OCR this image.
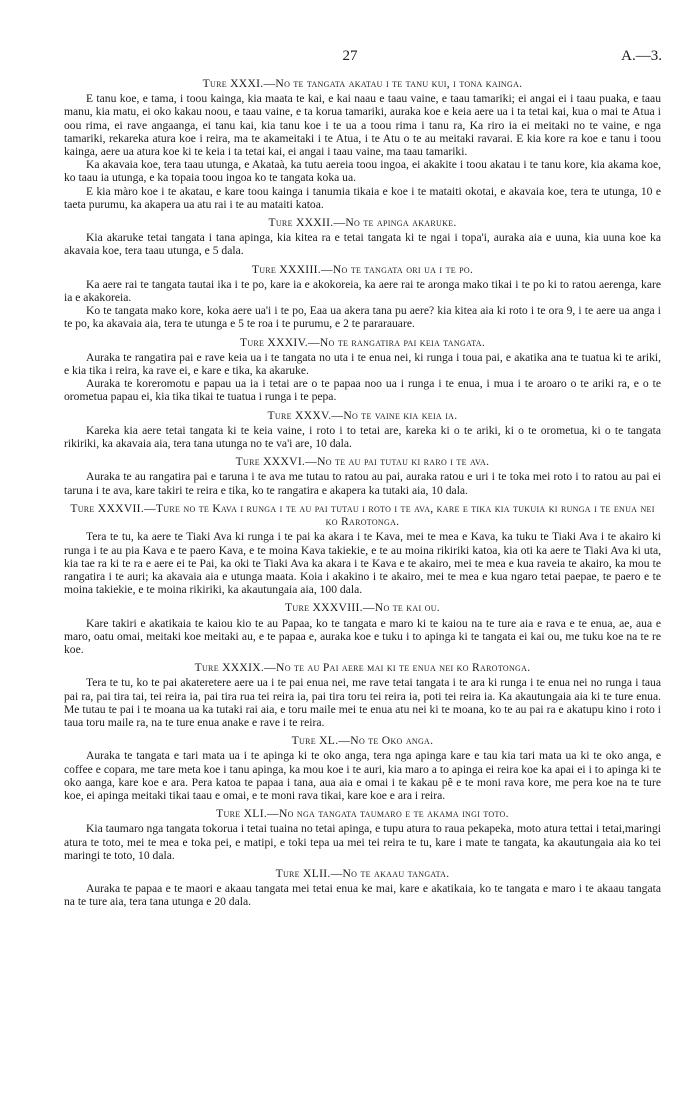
27	A.—3.
Ture XXXI.—No te tangata akatau i te tanu kui, i tona kainga.

E tanu koe, e tama, i toou kainga, kia maata te kai, e kai naau e taau vaine, e taau tamariki; ei angai ei i taau puaka, e taau manu, kia matu, ei oko kakau noou, e taau vaine, e ta korua tamariki, auraka koe e keia aere ua i ta tetai kai, kua o mai te Atua i oou rima, ei rave angaanga, ei tanu kai, kia tanu koe i te ua a toou rima i tanu ra, Ka riro ia ei meitaki no te vaine, e nga tamariki, rekareka atura koe i reira, ma te akameitaki i te Atua, i te Atu o te au meitaki ravarai. E kia kore ra koe e tanu i toou kainga, aere ua atura koe ki te keia i ta tetai kai, ei angai i taau vaine, ma taau tamariki.

Ka akavaia koe, tera taau utunga, e Akataà, ka tutu aereia toou ingoa, ei akakite i toou akatau i te tanu kore, kia akama koe, ko taau ia utunga, e ka topaia toou ingoa ko te tangata koka ua.

E kia màro koe i te akatau, e kare toou kainga i tanumia tikaia e koe i te mataiti okotai, e akavaia koe, tera te utunga, 10 e taeta purumu, ka akapera ua atu rai i te au mataiti katoa.

Ture XXXII.—No te apinga akaruke.

Kia akaruke tetai tangata i tana apinga, kia kitea ra e tetai tangata ki te ngai i topa'i, auraka aia e uuna, kia uuna koe ka akavaia koe, tera taau utunga, e 5 dala.

Ture XXXIII.—No te tangata ori ua i te po.

Ka aere rai te tangata tautai ika i te po, kare ia e akokoreia, ka aere rai te aronga mako tikai i te po ki to ratou aerenga, kare ia e akakoreia.

Ko te tangata mako kore, koka aere ua'i i te po, Eaa ua akera tana pu aere? kia kitea aia ki roto i te ora 9, i te aere ua anga i te po, ka akavaia aia, tera te utunga e 5 te roa i te purumu, e 2 te pararauare.

Ture XXXIV.—No te rangatira pai keia tangata.

Auraka te rangatira pai e rave keia ua i te tangata no uta i te enua nei, ki runga i toua pai, e akatika ana te tuatua ki te ariki, e kia tika i reira, ka rave ei, e kare e tika, ka akaruke.

Auraka te koreromotu e papau ua ia i tetai are o te papaa noo ua i runga i te enua, i mua i te aroaro o te ariki ra, e o te orometua papau ei, kia tika tikai te tuatua i runga i te pepa.

Ture XXXV.—No te vaine kia keia ia.

Kareka kia aere tetai tangata ki te keia vaine, i roto i to tetai are, kareka ki o te ariki, ki o te orometua, ki o te tangata rikiriki, ka akavaia aia, tera tana utunga no te va'i are, 10 dala.

Ture XXXVI.—No te au pai tutau ki raro i te ava.

Auraka te au rangatira pai e taruna i te ava me tutau to ratou au pai, auraka ratou e uri i te toka mei roto i to ratou au pai ei taruna i te ava, kare takiri te reira e tika, ko te rangatira e akapera ka tutaki aia, 10 dala.

Ture XXXVII.—Ture no te Kava i runga i te au pai tutau i roto i te ava, kare e tika kia tukuia ki runga i te enua nei ko Rarotonga.

Tera te tu, ka aere te Tiaki Ava ki runga i te pai ka akara i te Kava, mei te mea e Kava, ka tuku te Tiaki Ava i te akairo ki runga i te au pia Kava e te paero Kava, e te moina Kava takiekie, e te au moina rikiriki katoa, kia oti ka aere te Tiaki Ava ki uta, kia tae ra ki te ra e aere ei te Pai, ka oki te Tiaki Ava ka akara i te Kava e te akairo, mei te mea e kua raveia te akairo, ka mou te rangatira i te auri; ka akavaia aia e utunga maata. Koia i akakino i te akairo, mei te mea e kua ngaro tetai paepae, te paero e te moina takiekie, e te moina rikiriki, ka akautungaia aia, 100 dala.

Ture XXXVIII.—No te kai ou.

Kare takiri e akatikaia te kaiou kio te au Papaa, ko te tangata e maro ki te kaiou na te ture aia e rava e te enua, ae, aua e maro, oatu omai, meitaki koe meitaki au, e te papaa e, auraka koe e tuku i to apinga ki te tangata ei kai ou, me tuku koe na te re koe.

Ture XXXIX.—No te au Pai aere mai ki te enua nei ko Rarotonga.

Tera te tu, ko te pai akateretere aere ua i te pai enua nei, me rave tetai tangata i te ara ki runga i te enua nei no runga i taua pai ra, pai tira tai, tei reira ia, pai tira rua tei reira ia, pai tira toru tei reira ia, poti tei reira ia. Ka akautungaia aia ki te ture enua. Me tutau te pai i te moana ua ka tutaki rai aia, e toru maile mei te enua atu nei ki te moana, ko te au pai ra e akatupu kino i roto i taua toru maile ra, na te ture enua anake e rave i te reira.

Ture XL.—No te Oko anga.

Auraka te tangata e tari mata ua i te apinga ki te oko anga, tera nga apinga kare e tau kia tari mata ua ki te oko anga, e coffee e copara, me tare meta koe i tanu apinga, ka mou koe i te auri, kia maro a to apinga ei reira koe ka apai ei i to apinga ki te oko aanga, kare koe e ara. Pera katoa te papaa i tana, aua aia e omai i te kakau pê e te moni rava kore, me pera koe na te ture koe, ei apinga meitaki tikai taau e omai, e te moni rava tikai, kare koe e ara i reira.

Ture XLI.—No nga tangata taumaro e te akama ingi toto.

Kia taumaro nga tangata tokorua i tetai tuaina no tetai apinga, e tupu atura to raua pekapeka, moto atura tettai i tetai,maringi atura te toto, mei te mea e toka pei, e matipi, e toki tepa ua mei tei reira te tu, kare i mate te tangata, ka akautungaia aia ko tei maringi te toto, 10 dala.

Ture XLII.—No te akaau tangata.

Auraka te papaa e te maori e akaau tangata mei tetai enua ke mai, kare e akatikaia, ko te tangata e maro i te akaau tangata na te ture aia, tera tana utunga e 20 dala.
